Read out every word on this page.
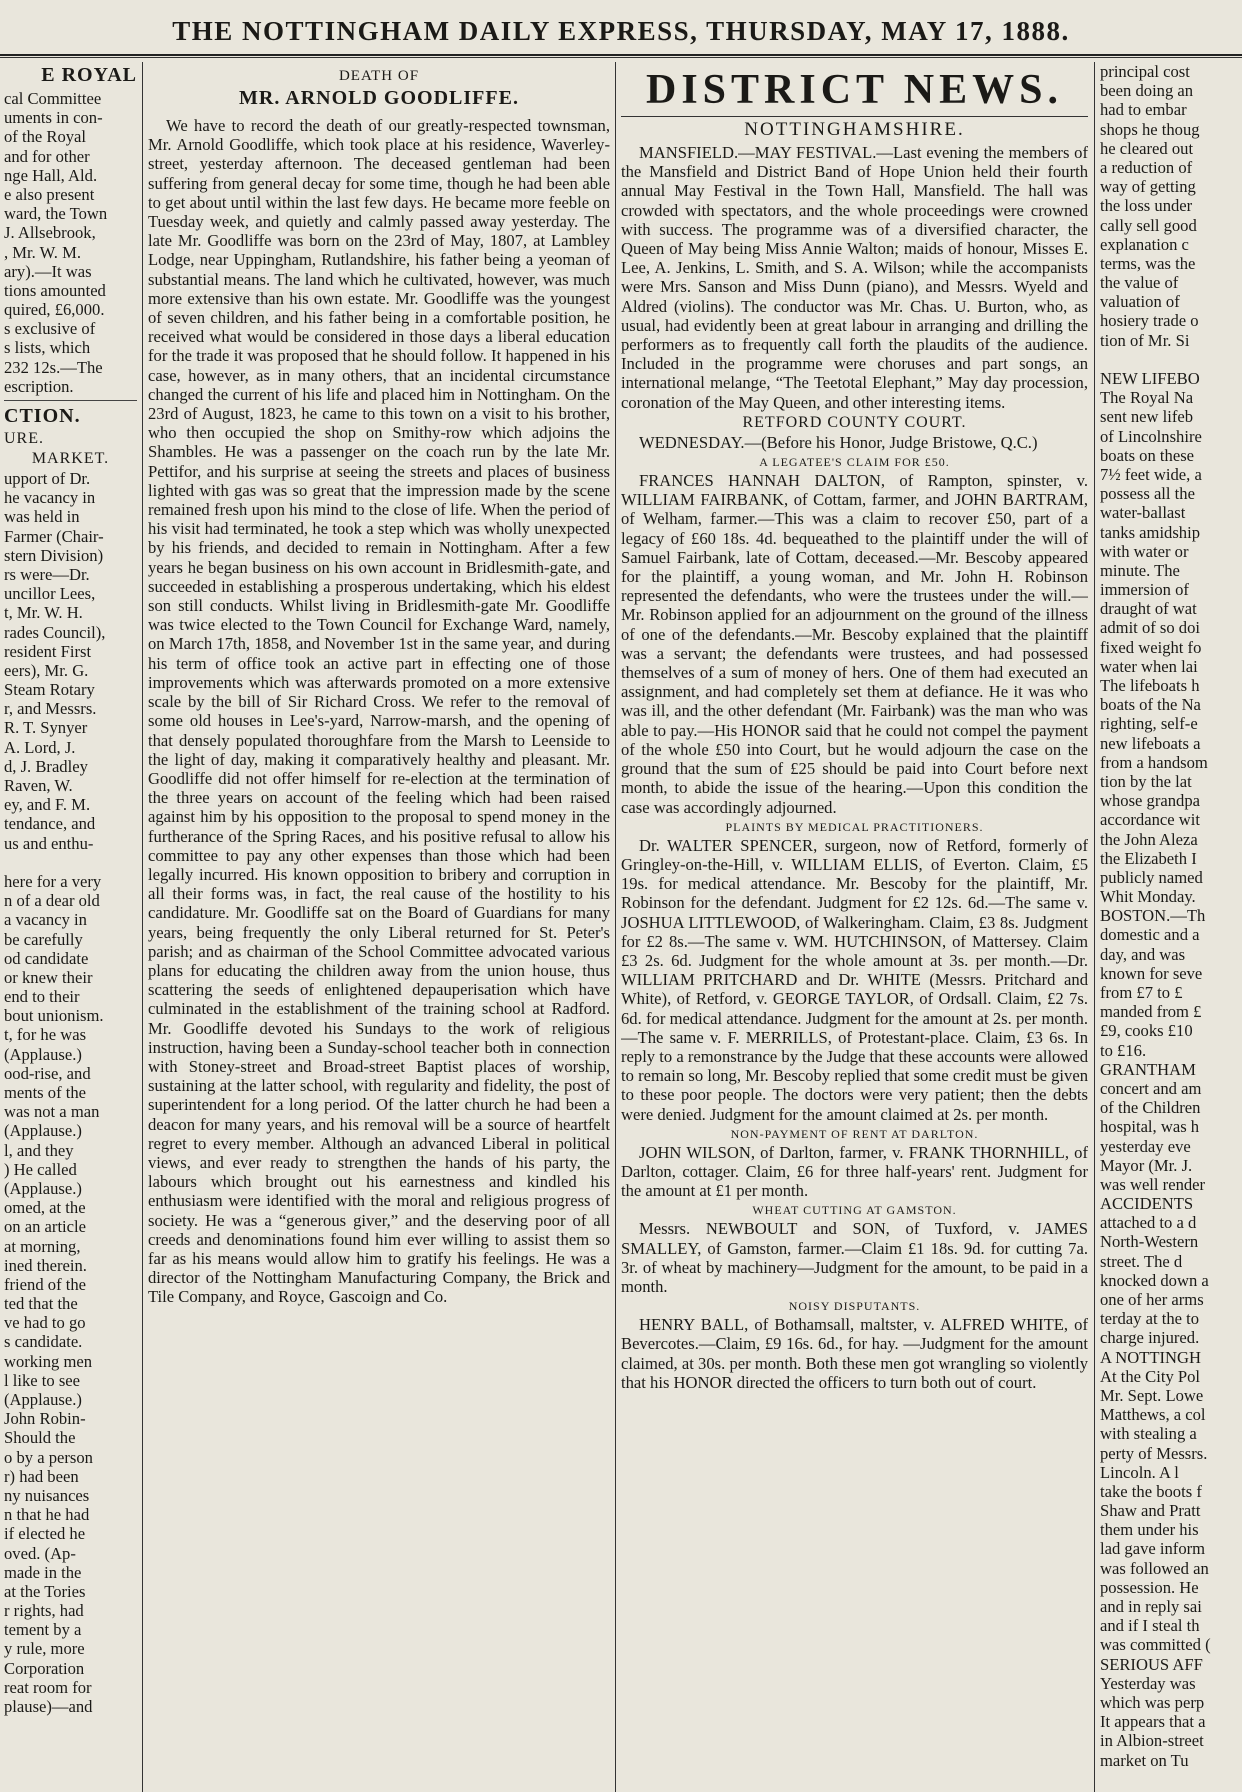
THE NOTTINGHAM DAILY EXPRESS, THURSDAY, MAY 17, 1888.
E ROYAL
cal Committee
uments in con-
of the Royal
and for other
nge Hall, Ald.
e also present
ward, the Town
J. Allsebrook,
, Mr. W. M.
ary).—It was
tions amounted
quired, £6,000.
s exclusive of
s lists, which
232 12s.—The
escription.
CTION.
URE.
MARKET.
upport of Dr.
he vacancy in
was held in
Farmer (Chair-
stern Division)
rs were—Dr.
uncillor Lees,
t, Mr. W. H.
rades Council),
resident First
eers), Mr. G.
Steam Rotary
r, and Messrs.
R. T. Synyer
A. Lord, J.
d, J. Bradley
Raven, W.
ey, and F. M.
tendance, and
us and enthu-
here for a very
n of a dear old
a vacancy in
be carefully
od candidate
or knew their
end to their
bout unionism.
t, for he was
(Applause.)
ood-rise, and
ments of the
was not a man
(Applause.)
l, and they
) He called
(Applause.)
omed, at the
on an article
at morning,
ined therein.
friend of the
ted that the
ve had to go
s candidate.
working men
l like to see
(Applause.)
John Robin-
Should the
o by a person
r) had been
ny nuisances
n that he had
if elected he
oved. (Ap-
made in the
at the Tories
r rights, had
tement by a
y rule, more
Corporation
reat room for
plause)—and
DEATH OF
MR. ARNOLD GOODLIFFE.

We have to record the death of our greatly-respected townsman, Mr. Arnold Goodliffe, which took place at his residence, Waverley-street, yesterday afternoon. The deceased gentleman had been suffering from general decay for some time, though he had been able to get about until within the last few days. He became more feeble on Tuesday week, and quietly and calmly passed away yesterday. The late Mr. Goodliffe was born on the 23rd of May, 1807, at Lambley Lodge, near Uppingham, Rutlandshire, his father being a yeoman of substantial means. The land which he cultivated, however, was much more extensive than his own estate. Mr. Goodliffe was the youngest of seven children, and his father being in a comfortable position, he received what would be considered in those days a liberal education for the trade it was proposed that he should follow. It happened in his case, however, as in many others, that an incidental circumstance changed the current of his life and placed him in Nottingham. On the 23rd of August, 1823, he came to this town on a visit to his brother, who then occupied the shop on Smithy-row which adjoins the Shambles. He was a passenger on the coach run by the late Mr. Pettifor, and his surprise at seeing the streets and places of business lighted with gas was so great that the impression made by the scene remained fresh upon his mind to the close of life. When the period of his visit had terminated, he took a step which was wholly unexpected by his friends, and decided to remain in Nottingham. After a few years he began business on his own account in Bridlesmith-gate, and succeeded in establishing a prosperous undertaking, which his eldest son still conducts. Whilst living in Bridlesmith-gate Mr. Goodliffe was twice elected to the Town Council for Exchange Ward, namely, on March 17th, 1858, and November 1st in the same year, and during his term of office took an active part in effecting one of those improvements which was afterwards promoted on a more extensive scale by the bill of Sir Richard Cross. We refer to the removal of some old houses in Lee's-yard, Narrow-marsh, and the opening of that densely populated thoroughfare from the Marsh to Leenside to the light of day, making it comparatively healthy and pleasant. Mr. Goodliffe did not offer himself for re-election at the termination of the three years on account of the feeling which had been raised against him by his opposition to the proposal to spend money in the furtherance of the Spring Races, and his positive refusal to allow his committee to pay any other expenses than those which had been legally incurred. His known opposition to bribery and corruption in all their forms was, in fact, the real cause of the hostility to his candidature. Mr. Goodliffe sat on the Board of Guardians for many years, being frequently the only Liberal returned for St. Peter's parish; and as chairman of the School Committee advocated various plans for educating the children away from the union house, thus scattering the seeds of enlightened depauperisation which have culminated in the establishment of the training school at Radford. Mr. Goodliffe devoted his Sundays to the work of religious instruction, having been a Sunday-school teacher both in connection with Stoney-street and Broad-street Baptist places of worship, sustaining at the latter school, with regularity and fidelity, the post of superintendent for a long period. Of the latter church he had been a deacon for many years, and his removal will be a source of heartfelt regret to every member. Although an advanced Liberal in political views, and ever ready to strengthen the hands of his party, the labours which brought out his earnestness and kindled his enthusiasm were identified with the moral and religious progress of society. He was a “generous giver,” and the deserving poor of all creeds and denominations found him ever willing to assist them so far as his means would allow him to gratify his feelings. He was a director of the Nottingham Manufacturing Company, the Brick and Tile Company, and Royce, Gascoign and Co.

DISTRICT NEWS.
NOTTINGHAMSHIRE.

MANSFIELD.—MAY FESTIVAL.—Last evening the members of the Mansfield and District Band of Hope Union held their fourth annual May Festival in the Town Hall, Mansfield. The hall was crowded with spectators, and the whole proceedings were crowned with success. The programme was of a diversified character, the Queen of May being Miss Annie Walton; maids of honour, Misses E. Lee, A. Jenkins, L. Smith, and S. A. Wilson; while the accompanists were Mrs. Sanson and Miss Dunn (piano), and Messrs. Wyeld and Aldred (violins). The conductor was Mr. Chas. U. Burton, who, as usual, had evidently been at great labour in arranging and drilling the performers as to frequently call forth the plaudits of the audience. Included in the programme were choruses and part songs, an international melange, “The Teetotal Elephant,” May day procession, coronation of the May Queen, and other interesting items.

RETFORD COUNTY COURT.

WEDNESDAY.—(Before his Honor, Judge Bristowe, Q.C.)

A LEGATEE'S CLAIM FOR £50.

FRANCES HANNAH DALTON, of Rampton, spinster, v. WILLIAM FAIRBANK, of Cottam, farmer, and JOHN BARTRAM, of Welham, farmer.—This was a claim to recover £50, part of a legacy of £60 18s. 4d. bequeathed to the plaintiff under the will of Samuel Fairbank, late of Cottam, deceased.—Mr. Bescoby appeared for the plaintiff, a young woman, and Mr. John H. Robinson represented the defendants, who were the trustees under the will.—Mr. Robinson applied for an adjournment on the ground of the illness of one of the defendants.—Mr. Bescoby explained that the plaintiff was a servant; the defendants were trustees, and had possessed themselves of a sum of money of hers. One of them had executed an assignment, and had completely set them at defiance. He it was who was ill, and the other defendant (Mr. Fairbank) was the man who was able to pay.—His HONOR said that he could not compel the payment of the whole £50 into Court, but he would adjourn the case on the ground that the sum of £25 should be paid into Court before next month, to abide the issue of the hearing.—Upon this condition the case was accordingly adjourned.

PLAINTS BY MEDICAL PRACTITIONERS.

Dr. WALTER SPENCER, surgeon, now of Retford, formerly of Gringley-on-the-Hill, v. WILLIAM ELLIS, of Everton. Claim, £5 19s. for medical attendance. Mr. Bescoby for the plaintiff, Mr. Robinson for the defendant. Judgment for £2 12s. 6d.—The same v. JOSHUA LITTLEWOOD, of Walkeringham. Claim, £3 8s. Judgment for £2 8s.—The same v. WM. HUTCHINSON, of Mattersey. Claim £3 2s. 6d. Judgment for the whole amount at 3s. per month.—Dr. WILLIAM PRITCHARD and Dr. WHITE (Messrs. Pritchard and White), of Retford, v. GEORGE TAYLOR, of Ordsall. Claim, £2 7s. 6d. for medical attendance. Judgment for the amount at 2s. per month.—The same v. F. MERRILLS, of Protestant-place. Claim, £3 6s. In reply to a remonstrance by the Judge that these accounts were allowed to remain so long, Mr. Bescoby replied that some credit must be given to these poor people. The doctors were very patient; then the debts were denied. Judgment for the amount claimed at 2s. per month.

NON-PAYMENT OF RENT AT DARLTON.

JOHN WILSON, of Darlton, farmer, v. FRANK THORNHILL, of Darlton, cottager. Claim, £6 for three half-years' rent. Judgment for the amount at £1 per month.

WHEAT CUTTING AT GAMSTON.

Messrs. NEWBOULT and SON, of Tuxford, v. JAMES SMALLEY, of Gamston, farmer.—Claim £1 18s. 9d. for cutting 7a. 3r. of wheat by machinery—Judgment for the amount, to be paid in a month.

NOISY DISPUTANTS.

HENRY BALL, of Bothamsall, maltster, v. ALFRED WHITE, of Bevercotes.—Claim, £9 16s. 6d., for hay. —Judgment for the amount claimed, at 30s. per month. Both these men got wrangling so violently that his HONOR directed the officers to turn both out of court.

principal cost
been doing an
had to embar
shops he thoug
he cleared out
a reduction of
way of getting
the loss under
cally sell good
explanation c
terms, was the
the value of
valuation of
hosiery trade o
tion of Mr. Si
NEW LIFEBO
The Royal Na
sent new lifeb
of Lincolnshire
boats on these
7½ feet wide, a
possess all the
water-ballast
tanks amidship
with water or
minute. The
immersion of
draught of wat
admit of so doi
fixed weight fo
water when lai
The lifeboats h
boats of the Na
righting, self-e
new lifeboats a
from a handsom
tion by the lat
whose grandpa
accordance wit
the John Aleza
the Elizabeth I
publicly named
Whit Monday.
BOSTON.—Th
domestic and a
day, and was
known for seve
from £7 to £
manded from £
£9, cooks £10
to £16.
GRANTHAM
concert and am
of the Children
hospital, was h
yesterday eve
Mayor (Mr. J.
was well render
ACCIDENTS
attached to a d
North-Western
street. The d
knocked down a
one of her arms
terday at the to
charge injured.
A NOTTINGH
At the City Pol
Mr. Sept. Lowe
Matthews, a col
with stealing a
perty of Messrs.
Lincoln. A l
take the boots f
Shaw and Pratt
them under his
lad gave inform
was followed an
possession. He
and in reply sai
and if I steal th
was committed (
SERIOUS AFF
Yesterday was
which was perp
It appears that a
in Albion-street
market on Tu
